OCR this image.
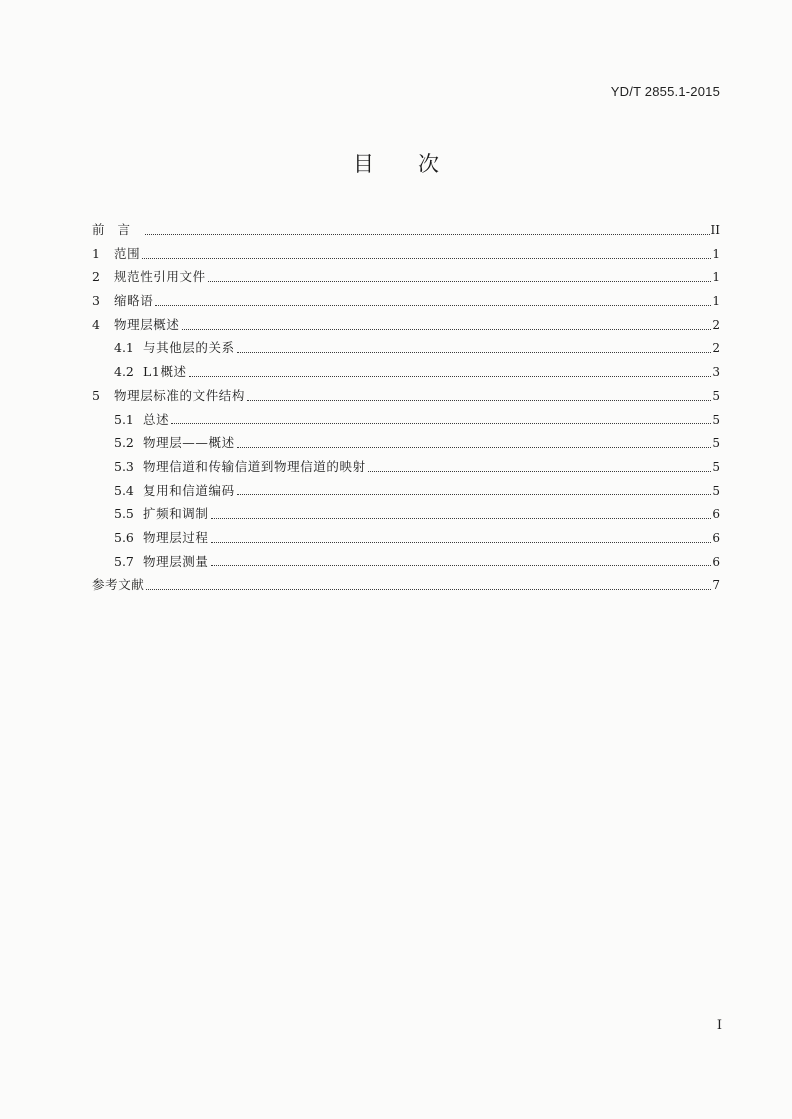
YD/T 2855.1-2015
目次
前言	II
1	范围	1
2	规范性引用文件	1
3	缩略语	1
4	物理层概述	2
4.1 与其他层的关系	2
4.2 L1概述	3
5	物理层标准的文件结构	5
5.1 总述	5
5.2 物理层——概述	5
5.3 物理信道和传输信道到物理信道的映射	5
5.4 复用和信道编码	5
5.5 扩频和调制	6
5.6 物理层过程	6
5.7 物理层测量	6
参考文献	7
I
